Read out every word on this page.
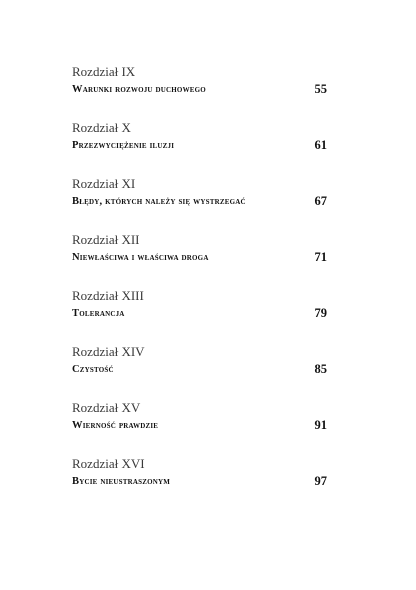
Rozdział IX
Warunki rozwoju duchowego	55
Rozdział X
Przezwyciężenie iluzji	61
Rozdział XI
Błędy, których należy się wystrzegać	67
Rozdział XII
Niewłaściwa i właściwa droga	71
Rozdział XIII
Tolerancja	79
Rozdział XIV
Czystość	85
Rozdział XV
Wierność prawdzie	91
Rozdział XVI
Bycie nieustraszonym	97
